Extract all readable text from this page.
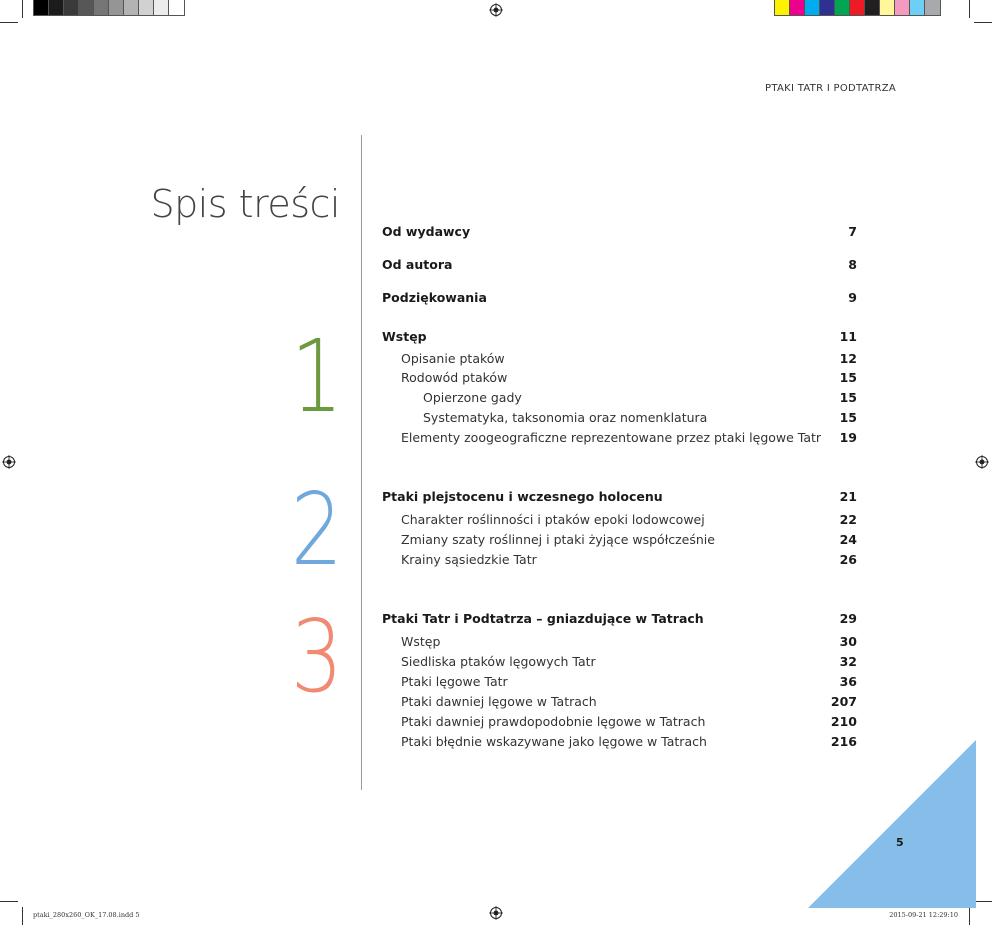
PTAKI TATR I PODTATRZA
Spis treści
1
2
3
Od wydawcy	7
Od autora	8
Podziękowania	9
Wstęp	11
Opisanie ptaków	12
Rodowód ptaków	15
Opierzone gady	15
Systematyka, taksonomia oraz nomenklatura	15
Elementy zoogeograficzne reprezentowane przez ptaki lęgowe Tatr 19
Ptaki plejstocenu i wczesnego holocenu	21
Charakter roślinności i ptaków epoki lodowcowej	22
Zmiany szaty roślinnej i ptaki żyjące współcześnie	24
Krainy sąsiedzkie Tatr	26
Ptaki Tatr i Podtatrza – gniazdujące w Tatrach	29
Wstęp	30
Siedliska ptaków lęgowych Tatr	32
Ptaki lęgowe Tatr	36
Ptaki dawniej lęgowe w Tatrach	207
Ptaki dawniej prawdopodobnie lęgowe w Tatrach	210
Ptaki błędnie wskazywane jako lęgowe w Tatrach	216
5
ptaki_280x260_OK_17.08.indd 5	2015-09-21 12:29:10
